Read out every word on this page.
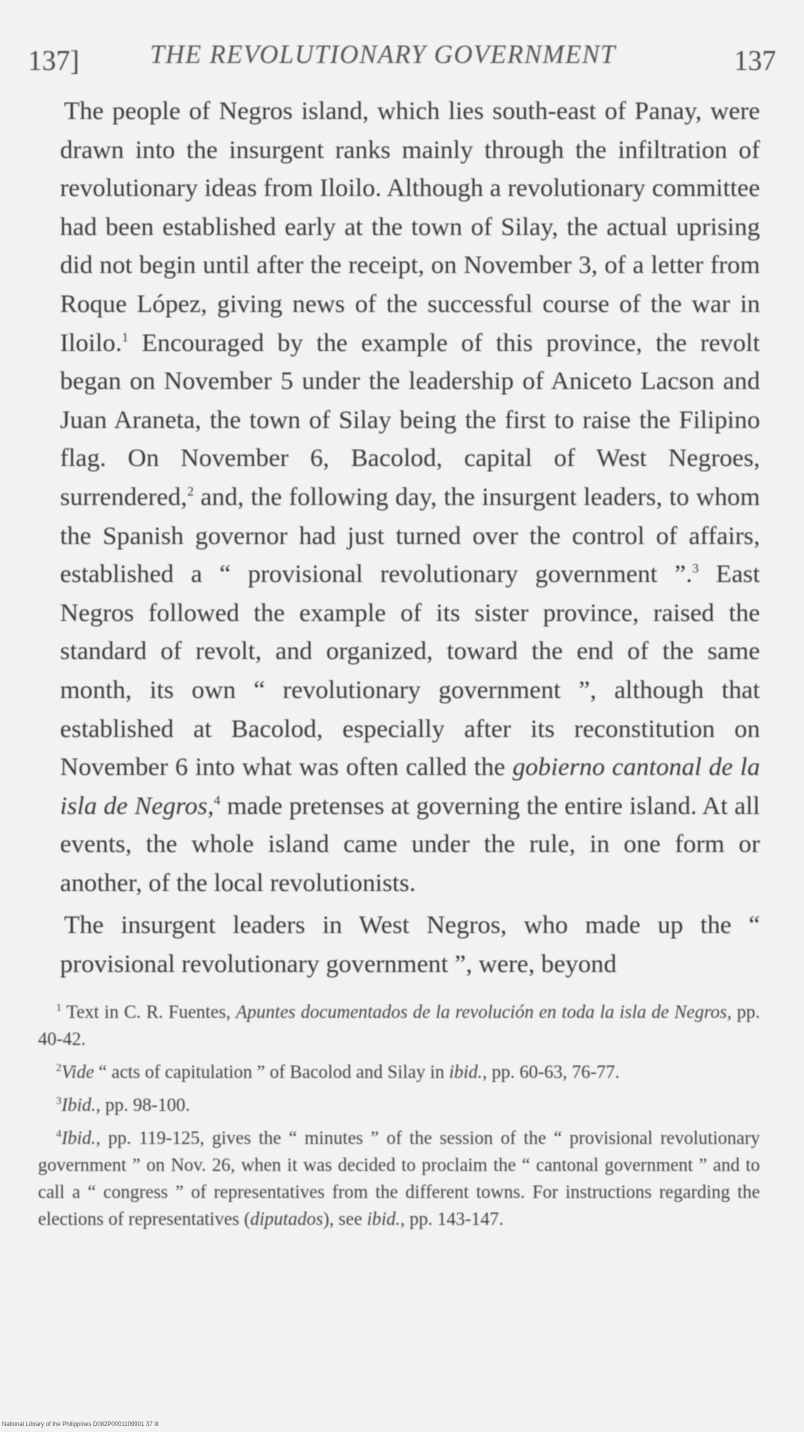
137]	THE REVOLUTIONARY GOVERNMENT	137

The people of Negros island, which lies south-east of Panay, were drawn into the insurgent ranks mainly through the infiltration of revolutionary ideas from Iloilo. Although a revolutionary committee had been established early at the town of Silay, the actual uprising did not begin until after the receipt, on November 3, of a letter from Roque López, giving news of the successful course of the war in Iloilo.$^1$ Encouraged by the example of this province, the revolt began on November 5 under the leadership of Aniceto Lacson and Juan Araneta, the town of Silay being the first to raise the Filipino flag. On November 6, Bacolod, capital of West Negroes, surrendered,$^2$ and, the following day, the insurgent leaders, to whom the Spanish governor had just turned over the control of affairs, established a “ provisional revolutionary government ”.$^3$ East Negros followed the example of its sister province, raised the standard of revolt, and organized, toward the end of the same month, its own “ revolutionary government ”, although that established at Bacolod, especially after its reconstitution on November 6 into what was often called the gobierno cantonal de la isla de Negros,$^4$ made pretenses at governing the entire island. At all events, the whole island came under the rule, in one form or another, of the local revolutionists.

The insurgent leaders in West Negros, who made up the “ provisional revolutionary government ”, were, beyond

$^1$ Text in C. R. Fuentes, Apuntes documentados de la revolución en toda la isla de Negros, pp. 40-42.

$^2$Vide “ acts of capitulation ” of Bacolod and Silay in ibid., pp. 60-63, 76-77.

$^3$Ibid., pp. 98-100.

$^4$Ibid., pp. 119-125, gives the “ minutes ” of the session of the “ provisional revolutionary government ” on Nov. 26, when it was decided to proclaim the “ cantonal government ” and to call a “ congress ” of representatives from the different towns. For instructions regarding the elections of representatives (diputados), see ibid., pp. 143-147.

National Library of the Philippines D082P0001109901 37 lit
